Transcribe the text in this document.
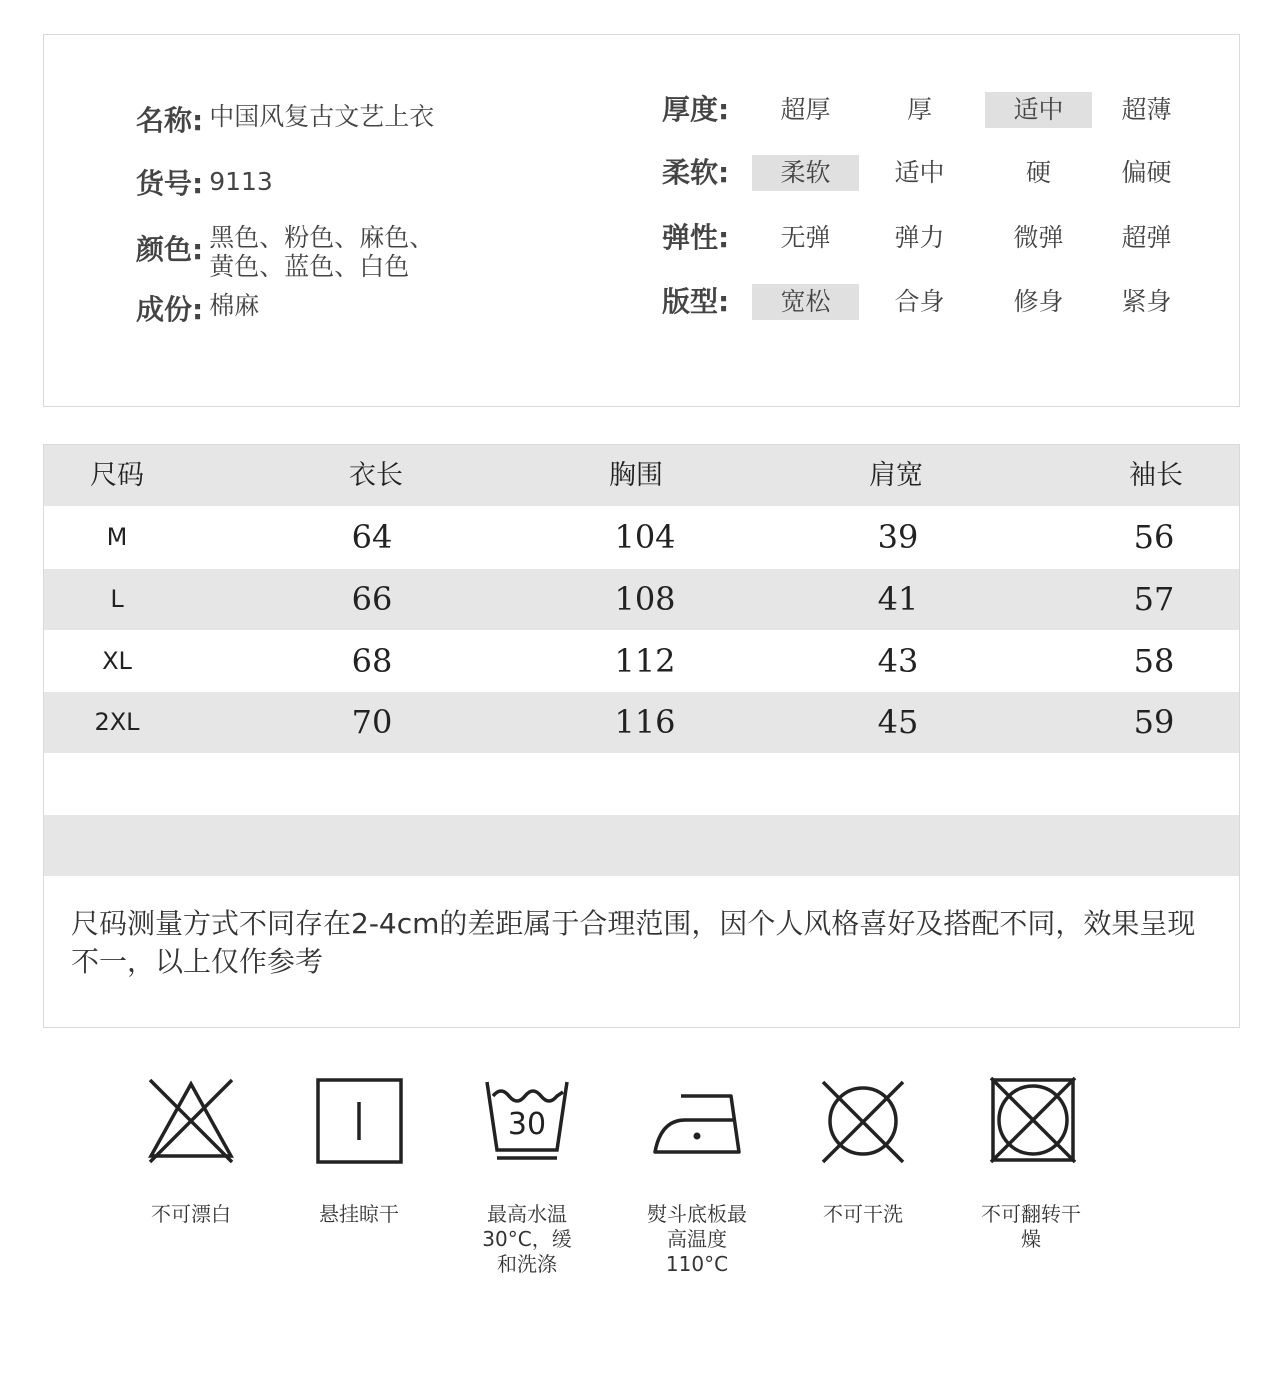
名称: 中国风复古文艺上衣
货号: 9113
颜色: 黑色、粉色、麻色、
黄色、蓝色、白色
成份: 棉麻
厚度:	超厚	厚	适中	超薄
柔软:	柔软	适中	硬	偏硬
弹性:	无弹	弹力	微弹	超弹
版型:	宽松	合身	修身	紧身
尺码	衣长	胸围	肩宽	袖长
M	64	104	39	56
L	66	108	41	57
XL	68	112	43	58
2XL	70	116	45	59
尺码测量方式不同存在2-4cm的差距属于合理范围，因个人风格喜好及搭配不同，效果呈现不一，以上仅作参考
不可漂白	悬挂晾干
30
最高水温30°C，缓和洗涤
熨斗底板最高温度110°C
不可干洗	不可翻转干燥
